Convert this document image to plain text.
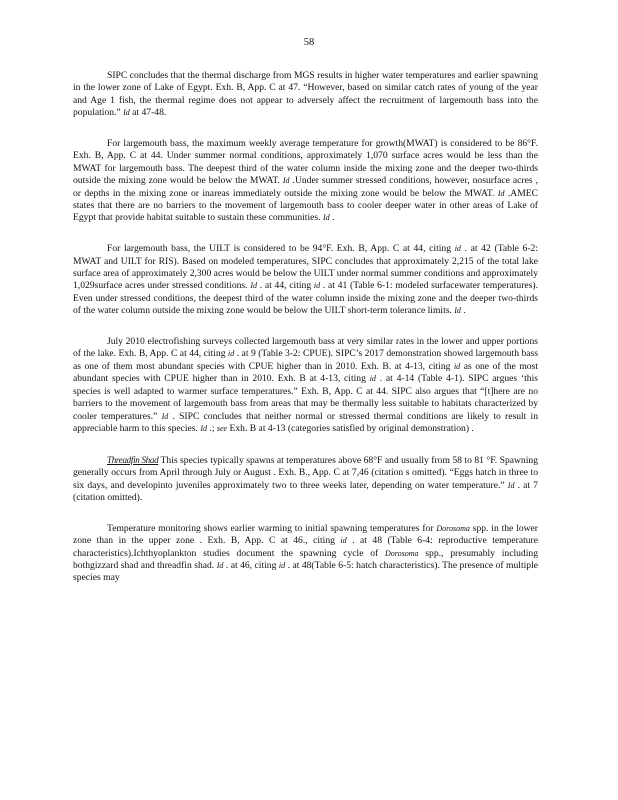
58

SIPC concludes that the thermal discharge from MGS results in higher water temperatures and earlier spawning in the lower zone of Lake of Egypt. Exh. B, App. C at 47. “However, based on similar catch rates of young of the year and Age 1 fish, the thermal regime does not appear to adversely affect the recruitment of largemouth bass into the population.” Id at 47-48.

For largemouth bass, the maximum weekly average temperature for growth(MWAT) is considered to be 86°F. Exh. B, App. C at 44. Under summer normal conditions, approximately 1,070 surface acres would be less than the MWAT for largemouth bass. The deepest third of the water column inside the mixing zone and the deeper two-thirds outside the mixing zone would be below the MWAT. Id .Under summer stressed conditions, however, nosurface acres , or depths in the mixing zone or inareas immediately outside the mixing zone would be below the MWAT. Id .AMEC states that there are no barriers to the movement of largemouth bass to cooler deeper water in other areas of Lake of Egypt that provide habitat suitable to sustain these communities. Id .

For largemouth bass, the UILT is considered to be 94°F. Exh. B, App. C at 44, citing id . at 42 (Table 6-2: MWAT and UILT for RIS). Based on modeled temperatures, SIPC concludes that approximately 2,215 of the total lake surface area of approximately 2,300 acres would be below the UILT under normal summer conditions and approximately 1,029surface acres under stressed conditions. Id . at 44, citing id . at 41 (Table 6-1: modeled surfacewater temperatures). Even under stressed conditions, the deepest third of the water column inside the mixing zone and the deeper two-thirds of the water column outside the mixing zone would be below the UILT short-term tolerance limits. Id .

July 2010 electrofishing surveys collected largemouth bass at very similar rates in the lower and upper portions of the lake. Exh. B, App. C at 44, citing id . at 9 (Table 3-2: CPUE). SIPC’s 2017 demonstration showed largemouth bass as one of them most abundant species with CPUE higher than in 2010. Exh. B. at 4-13, citing id as one of the most abundant species with CPUE higher than in 2010. Exh. B at 4-13, citing id . at 4-14 (Table 4-1). SIPC argues ‘this species is well adapted to warmer surface temperatures.” Exh. B, App. C at 44. SIPC also argues that “[t]here are no barriers to the movement of largemouth bass from areas that may be thermally less suitable to habitats characterized by cooler temperatures.” Id . SIPC concludes that neither normal or stressed thermal conditions are likely to result in appreciable harm to this species. Id .; see Exh. B at 4-13 (categories satisfied by original demonstration) .

Threadfin Shad This species typically spawns at temperatures above 68°F and usually from 58 to 81 °F. Spawning generally occurs from April through July or August . Exh. B., App. C at 7,46 (citation s omitted). “Eggs hatch in three to six days, and developinto juveniles approximately two to three weeks later, depending on water temperature.” Id . at 7 (citation omitted).

Temperature monitoring shows earlier warming to initial spawning temperatures for Dorosoma spp. in the lower zone than in the upper zone . Exh. B, App. C at 46., citing id . at 48 (Table 6-4: reproductive temperature characteristics).Ichthyoplankton studies document the spawning cycle of Dorosoma spp., presumably including bothgizzard shad and threadfin shad. Id . at 46, citing id . at 48(Table 6-5: hatch characteristics). The presence of multiple species may
